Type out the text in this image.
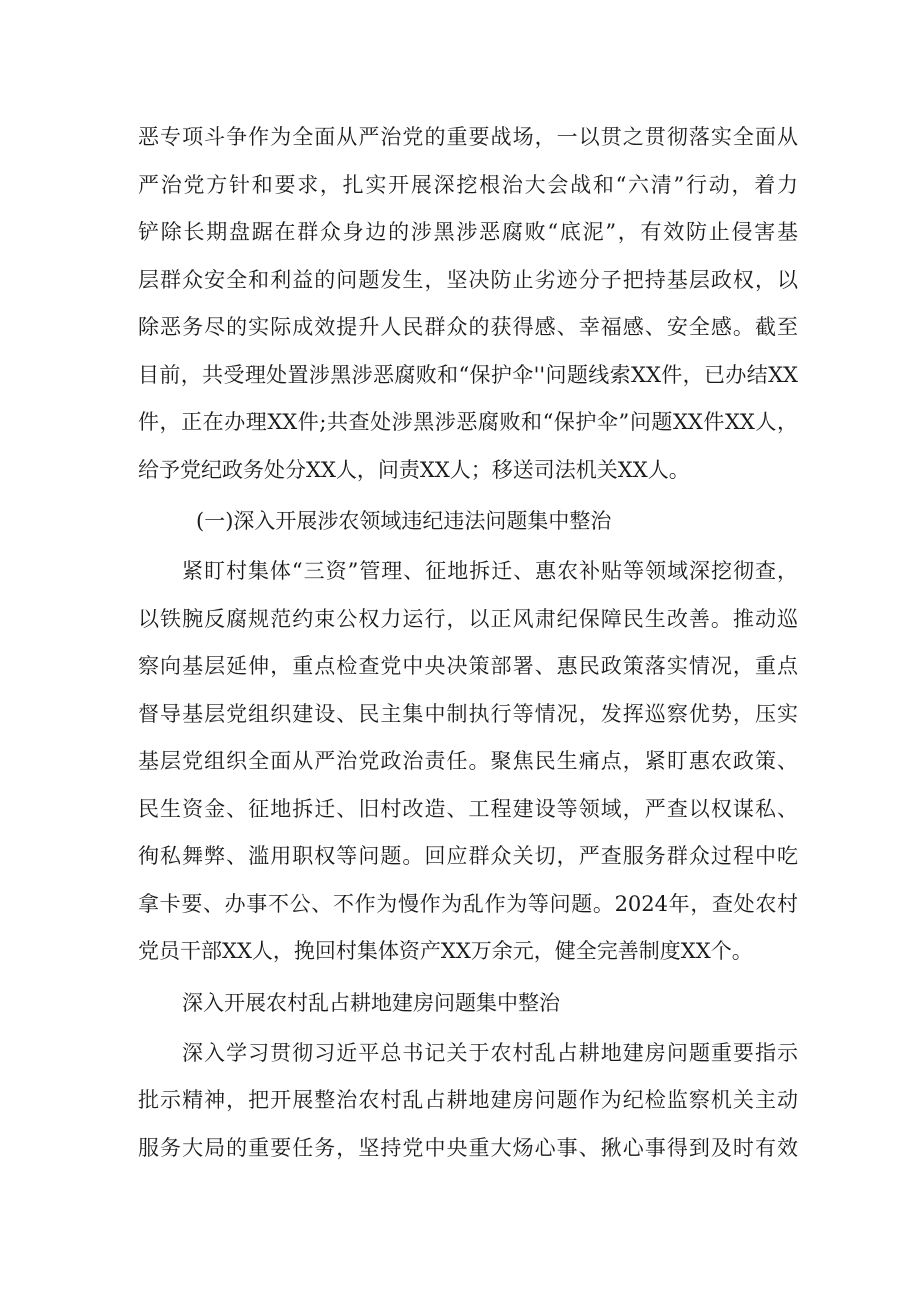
恶专项斗争作为全面从严治党的重要战场，一以贯之贯彻落实全面从
严治党方针和要求，扎实开展深挖根治大会战和“六清”行动，着力
铲除长期盘踞在群众身边的涉黑涉恶腐败“底泥”，有效防止侵害基
层群众安全和利益的问题发生，坚决防止劣迹分子把持基层政权，以
除恶务尽的实际成效提升人民群众的获得感、幸福感、安全感。截至
目前，共受理处置涉黑涉恶腐败和“保护伞''问题线索XX件，已办结XX
件，正在办理XX件;共查处涉黑涉恶腐败和“保护伞”问题XX件XX人，
给予党纪政务处分XX人，问责XX人；移送司法机关XX人。
(一)深入开展涉农领域违纪违法问题集中整治
紧盯村集体“三资”管理、征地拆迁、惠农补贴等领域深挖彻查，
以铁腕反腐规范约束公权力运行，以正风肃纪保障民生改善。推动巡
察向基层延伸，重点检查党中央决策部署、惠民政策落实情况，重点
督导基层党组织建设、民主集中制执行等情况，发挥巡察优势，压实
基层党组织全面从严治党政治责任。聚焦民生痛点，紧盯惠农政策、
民生资金、征地拆迁、旧村改造、工程建设等领域，严查以权谋私、
徇私舞弊、滥用职权等问题。回应群众关切，严查服务群众过程中吃
拿卡要、办事不公、不作为慢作为乱作为等问题。2024年，查处农村
党员干部XX人，挽回村集体资产XX万余元，健全完善制度XX个。
深入开展农村乱占耕地建房问题集中整治
深入学习贯彻习近平总书记关于农村乱占耕地建房问题重要指示
批示精神，把开展整治农村乱占耕地建房问题作为纪检监察机关主动
服务大局的重要任务，坚持党中央重大炀心事、揪心事得到及时有效
